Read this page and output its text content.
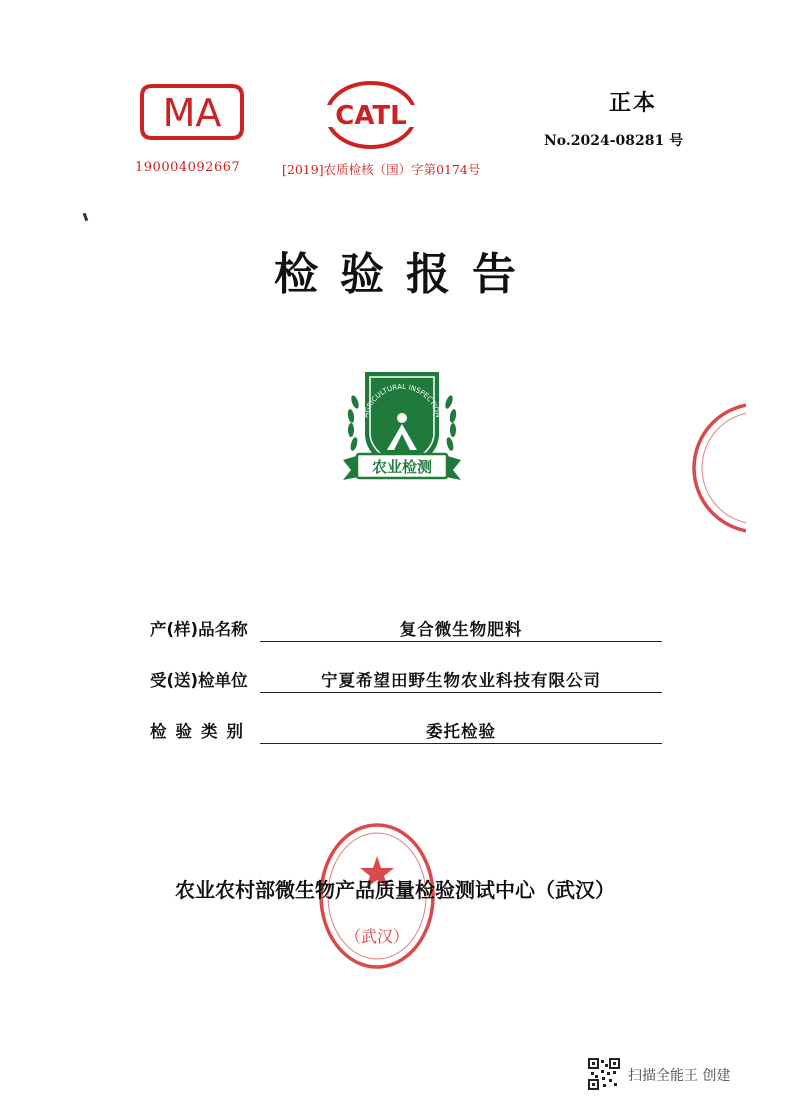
MA
190004092667
CATL
[2019]农质检核（国）字第0174号
正本
No.2024-08281 号
检验报告
AGRICULTURAL INSPECTION
农业检测
产(样)品名称	复合微生物肥料
受(送)检单位	宁夏希望田野生物农业科技有限公司
检验类别	委托检验
（武汉）
农业农村部微生物产品质量检验测试中心（武汉）
扫描全能王 创建
